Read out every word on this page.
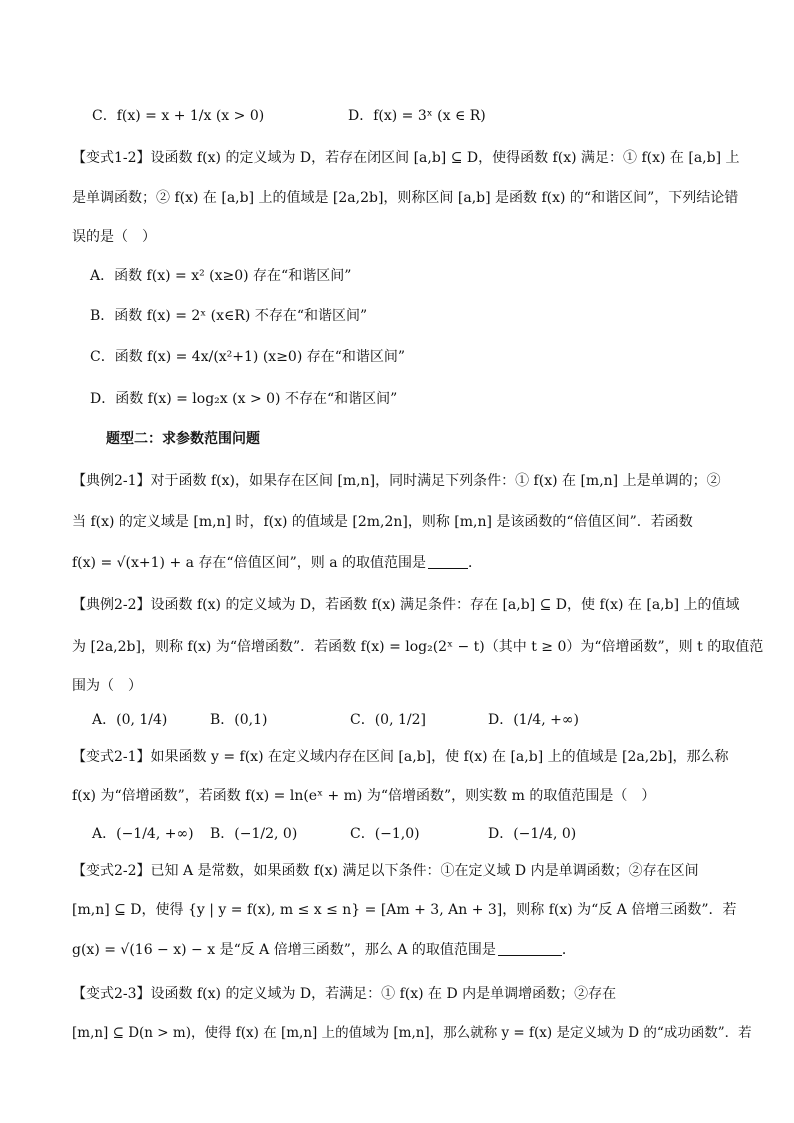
C．f(x) = x + 1/x (x > 0)	D．f(x) = 3ˣ (x ∈ R)
【变式1-2】设函数 f(x) 的定义域为 D，若存在闭区间 [a,b] ⊆ D，使得函数 f(x) 满足：① f(x) 在 [a,b] 上
是单调函数；② f(x) 在 [a,b] 上的值域是 [2a,2b]，则称区间 [a,b] 是函数 f(x) 的“和谐区间”，下列结论错
误的是（　）
A．函数 f(x) = x² (x≥0) 存在“和谐区间”
B．函数 f(x) = 2ˣ (x∈R) 不存在“和谐区间”
C．函数 f(x) = 4x/(x²+1) (x≥0) 存在“和谐区间”
D．函数 f(x) = log₂x (x > 0) 不存在“和谐区间”
题型二：求参数范围问题
【典例2-1】对于函数 f(x)，如果存在区间 [m,n]，同时满足下列条件：① f(x) 在 [m,n] 上是单调的；②
当 f(x) 的定义域是 [m,n] 时，f(x) 的值域是 [2m,2n]，则称 [m,n] 是该函数的“倍值区间”．若函数
f(x) = √(x+1) + a 存在“倍值区间”，则 a 的取值范围是	．
【典例2-2】设函数 f(x) 的定义域为 D，若函数 f(x) 满足条件：存在 [a,b] ⊆ D，使 f(x) 在 [a,b] 上的值域
为 [2a,2b]，则称 f(x) 为“倍增函数”．若函数 f(x) = log₂(2ˣ − t)（其中 t ≥ 0）为“倍增函数”，则 t 的取值范
围为（　）
A．(0, 1/4)	B．(0,1)	C．(0, 1/2]	D．(1/4, +∞)
【变式2-1】如果函数 y = f(x) 在定义域内存在区间 [a,b]，使 f(x) 在 [a,b] 上的值域是 [2a,2b]，那么称
f(x) 为“倍增函数”，若函数 f(x) = ln(eˣ + m) 为“倍增函数”，则实数 m 的取值范围是（　）
A．(−1/4, +∞) B．(−1/2, 0)	C．(−1,0)	D．(−1/4, 0)
【变式2-2】已知 A 是常数，如果函数 f(x) 满足以下条件：①在定义域 D 内是单调函数；②存在区间
[m,n] ⊆ D，使得 {y | y = f(x), m ≤ x ≤ n} = [Am + 3, An + 3]，则称 f(x) 为“反 A 倍增三函数”．若
g(x) = √(16 − x) − x 是“反 A 倍增三函数”，那么 A 的取值范围是	．
【变式2-3】设函数 f(x) 的定义域为 D，若满足：① f(x) 在 D 内是单调增函数；②存在
[m,n] ⊆ D(n > m)，使得 f(x) 在 [m,n] 上的值域为 [m,n]，那么就称 y = f(x) 是定义域为 D 的“成功函数”．若
